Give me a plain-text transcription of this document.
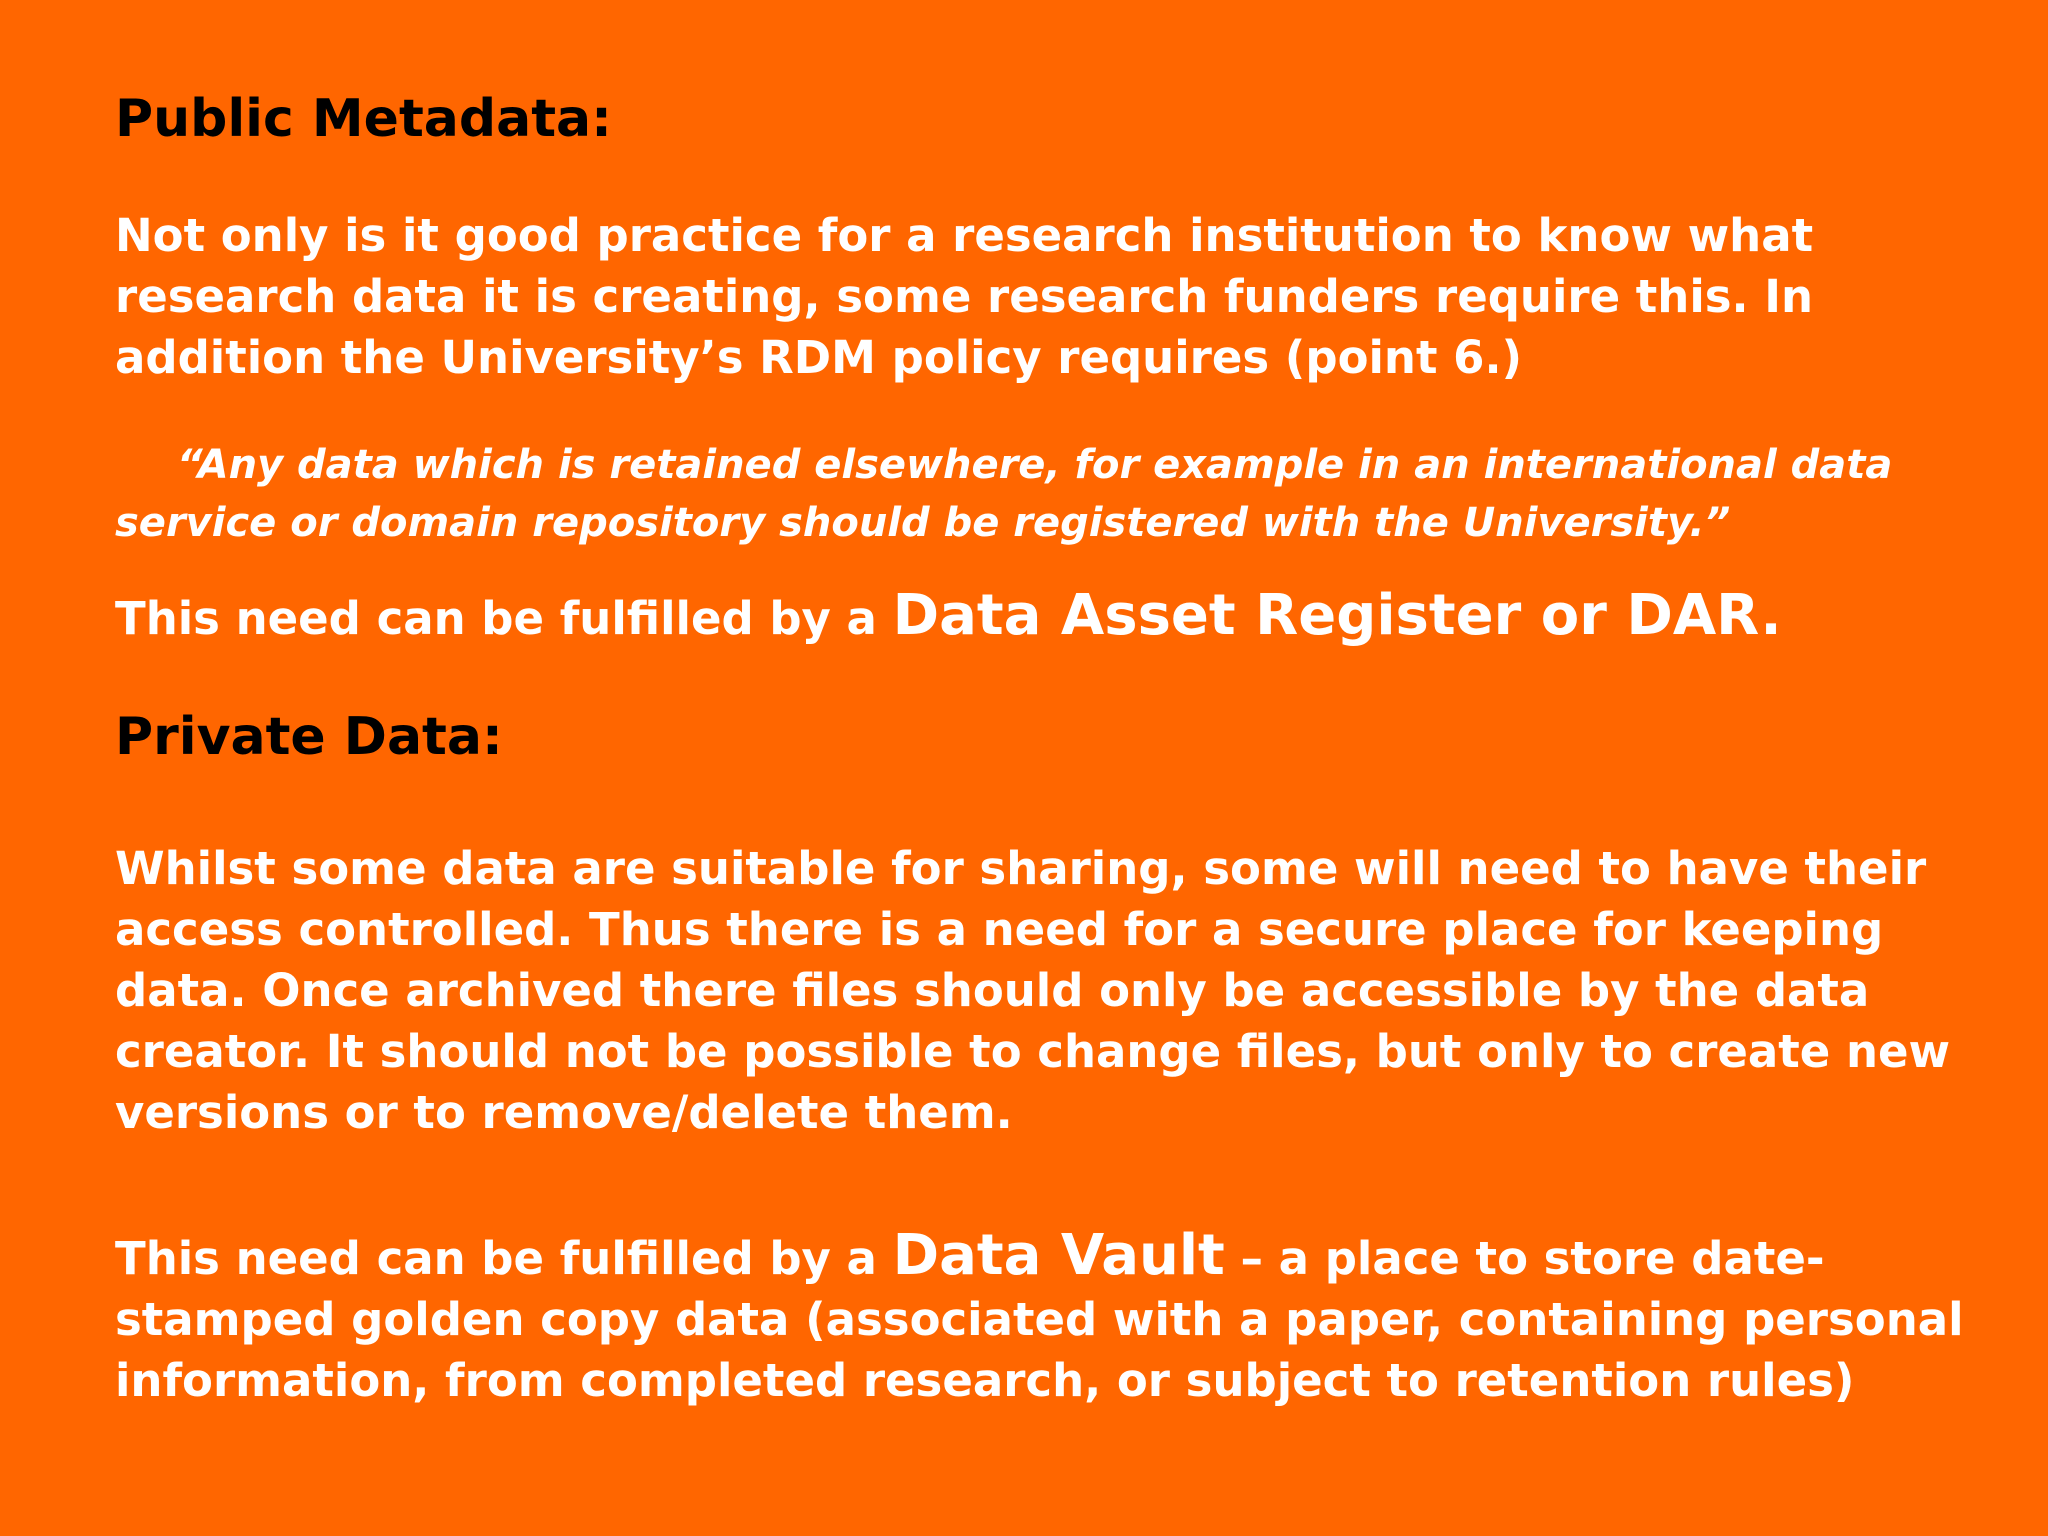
Public Metadata:
Not only is it good practice for a research institution to know what
research data it is creating, some research funders require this. In
addition the University’s RDM policy requires (point 6.)
“Any data which is retained elsewhere, for example in an international data
service or domain repository should be registered with the University.”
This need can be fulfilled by a Data Asset Register or DAR.
Private Data:
Whilst some data are suitable for sharing, some will need to have their
access controlled. Thus there is a need for a secure place for keeping
data. Once archived there files should only be accessible by the data
creator. It should not be possible to change files, but only to create new
versions or to remove/delete them.
This need can be fulfilled by a Data Vault – a place to store date-
stamped golden copy data (associated with a paper, containing personal
information, from completed research, or subject to retention rules)
